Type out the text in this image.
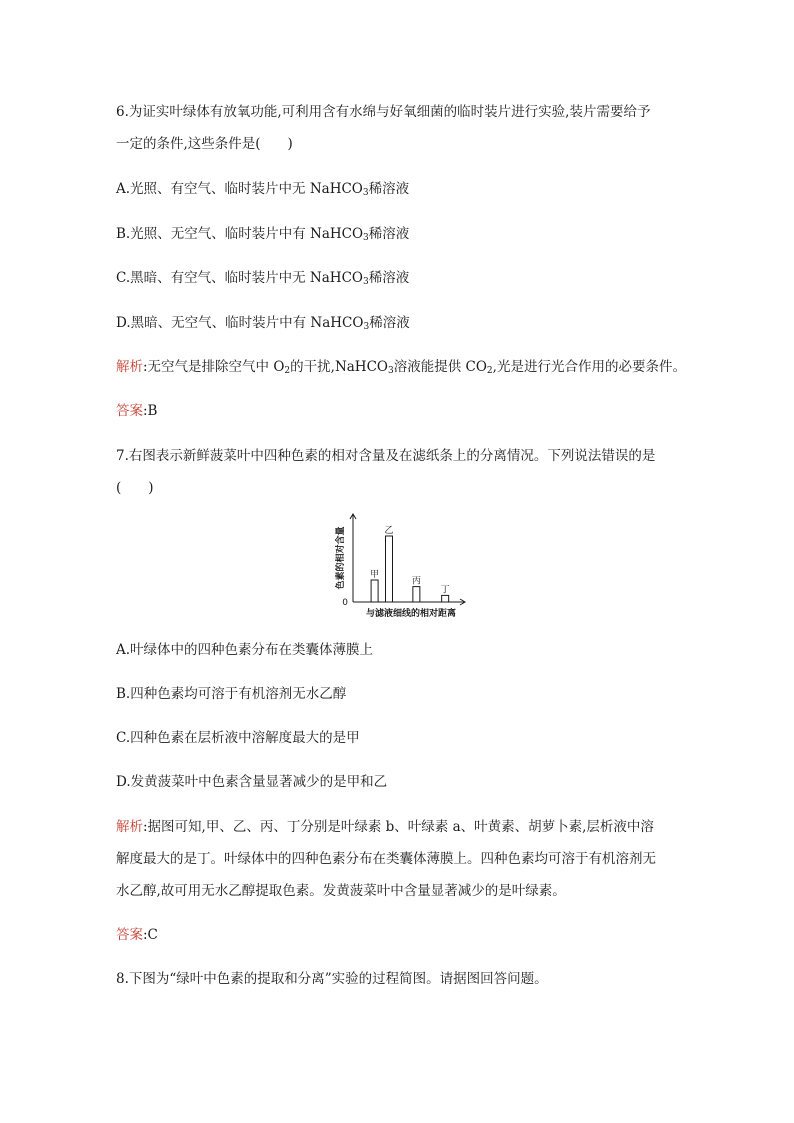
6.为证实叶绿体有放氧功能,可利用含有水绵与好氧细菌的临时装片进行实验,装片需要给予
一定的条件,这些条件是(　　)
A.光照、有空气、临时装片中无 NaHCO$_3$稀溶液
B.光照、无空气、临时装片中有 NaHCO$_3$稀溶液
C.黑暗、有空气、临时装片中无 NaHCO$_3$稀溶液
D.黑暗、无空气、临时装片中有 NaHCO$_3$稀溶液
解析:无空气是排除空气中 $O_2$的干扰,NaHCO$_3$溶液能提供 $CO_2$,光是进行光合作用的必要条件。
答案:B
7.右图表示新鲜菠菜叶中四种色素的相对含量及在滤纸条上的分离情况。下列说法错误的是
(　　)
甲
乙
丙
丁
0
色素的相对含量
与滤液细线的相对距离
A.叶绿体中的四种色素分布在类囊体薄膜上
B.四种色素均可溶于有机溶剂无水乙醇
C.四种色素在层析液中溶解度最大的是甲
D.发黄菠菜叶中色素含量显著减少的是甲和乙
解析:据图可知,甲、乙、丙、丁分别是叶绿素 b、叶绿素 a、叶黄素、胡萝卜素,层析液中溶
解度最大的是丁。叶绿体中的四种色素分布在类囊体薄膜上。四种色素均可溶于有机溶剂无
水乙醇,故可用无水乙醇提取色素。发黄菠菜叶中含量显著减少的是叶绿素。
答案:C
8.下图为“绿叶中色素的提取和分离”实验的过程简图。请据图回答问题。
